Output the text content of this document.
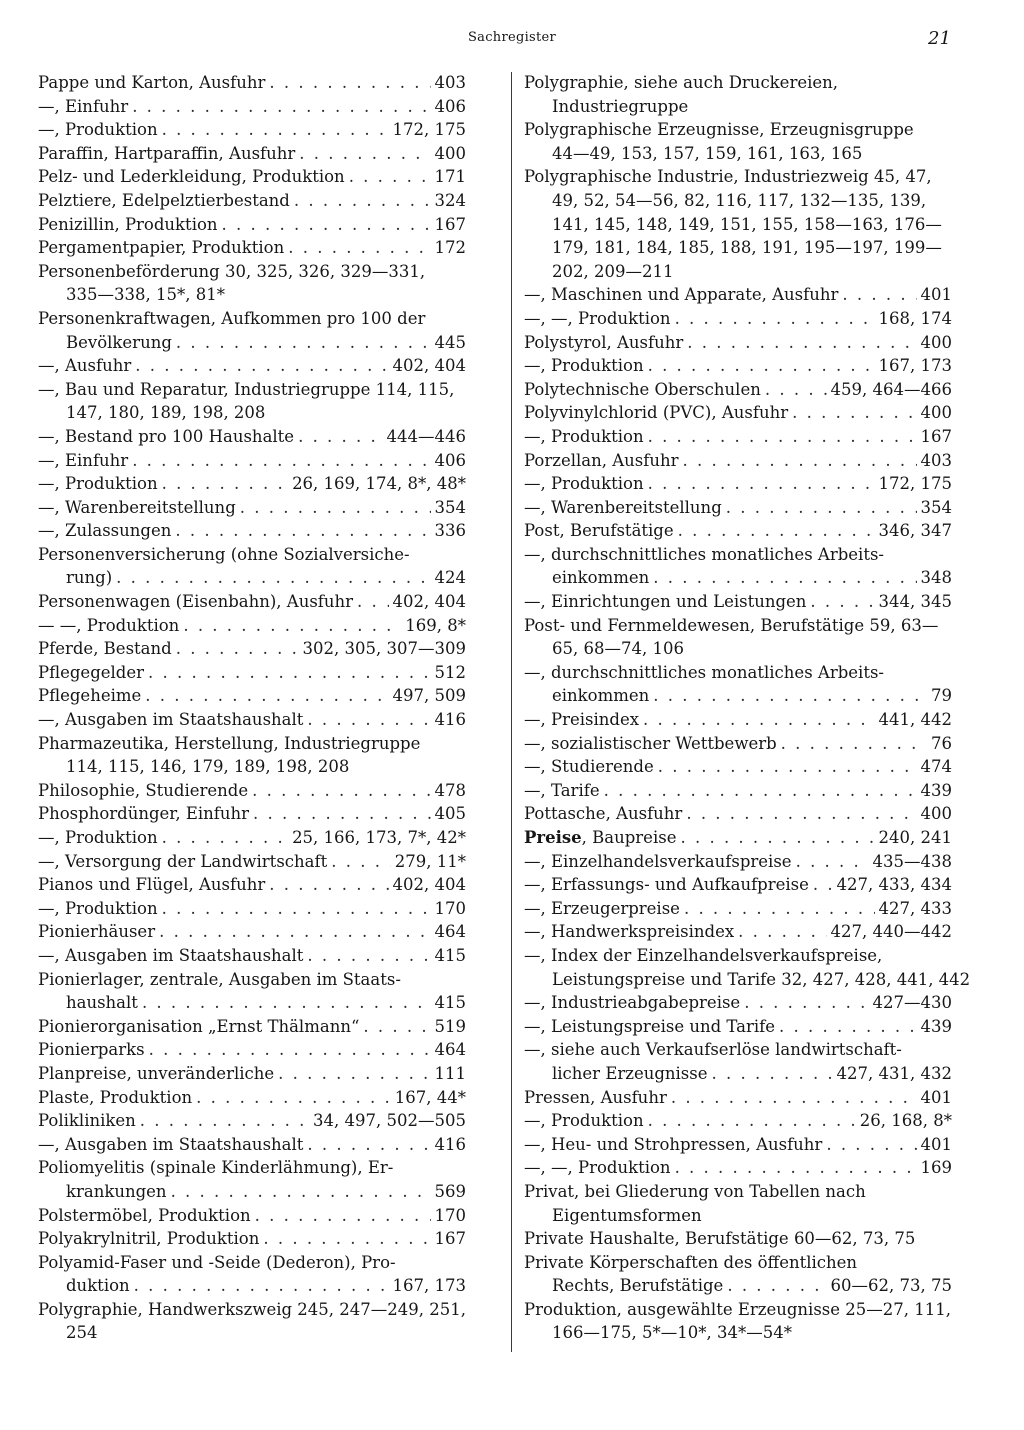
Sachregister	21
Pappe und Karton, Ausfuhr . . .	403
—, Einfuhr . . .	406
—, Produktion . . .	172, 175
Paraffin, Hartparaffin, Ausfuhr . . .	400
Pelz- und Lederkleidung, Produktion . . .	171
Pelztiere, Edelpelztierbestand . . .	324
Penizillin, Produktion . . .	167
Pergamentpapier, Produktion . . .	172
Personenbeförderung 30, 325, 326, 329—331,
335—338, 15*, 81*
Personenkraftwagen, Aufkommen pro 100 der
Bevölkerung . . .	445
—, Ausfuhr . . .	402, 404
—, Bau und Reparatur, Industriegruppe 114, 115,
147, 180, 189, 198, 208
—, Bestand pro 100 Haushalte . . .	444—446
—, Einfuhr . . .	406
—, Produktion . . .	26, 169, 174, 8*, 48*
—, Warenbereitstellung . . .	354
—, Zulassungen . . .	336
Personenversicherung (ohne Sozialversiche-
rung) . . .	424
Personenwagen (Eisenbahn), Ausfuhr . . . 402, 404
— —, Produktion . . .	169, 8*
Pferde, Bestand . . .	302, 305, 307—309
Pflegegelder . . .	512
Pflegeheime . . .	497, 509
—, Ausgaben im Staatshaushalt . . .	416
Pharmazeutika, Herstellung, Industriegruppe
114, 115, 146, 179, 189, 198, 208
Philosophie, Studierende . . .	478
Phosphordünger, Einfuhr . . .	405
—, Produktion . . .	25, 166, 173, 7*, 42*
—, Versorgung der Landwirtschaft . . .	279, 11*
Pianos und Flügel, Ausfuhr . . .	402, 404
—, Produktion . . .	170
Pionierhäuser . . .	464
—, Ausgaben im Staatshaushalt . . .	415
Pionierlager, zentrale, Ausgaben im Staats-
haushalt . . .	415
Pionierorganisation „Ernst Thälmann“ . . .	519
Pionierparks . . .	464
Planpreise, unveränderliche . . .	111
Plaste, Produktion . . .	167, 44*
Polikliniken . . .	34, 497, 502—505
—, Ausgaben im Staatshaushalt . . .	416
Poliomyelitis (spinale Kinderlähmung), Er-
krankungen . . .	569
Polstermöbel, Produktion . . .	170
Polyakrylnitril, Produktion . . .	167
Polyamid-Faser und -Seide (Dederon), Pro-
duktion . . .	167, 173
Polygraphie, Handwerkszweig 245, 247—249, 251,
254
Polygraphie, siehe auch Druckereien,
Industriegruppe
Polygraphische Erzeugnisse, Erzeugnisgruppe
44—49, 153, 157, 159, 161, 163, 165
Polygraphische Industrie, Industriezweig 45, 47,
49, 52, 54—56, 82, 116, 117, 132—135, 139,
141, 145, 148, 149, 151, 155, 158—163, 176—
179, 181, 184, 185, 188, 191, 195—197, 199—
202, 209—211
—, Maschinen und Apparate, Ausfuhr . . .	401
—, —, Produktion . . .	168, 174
Polystyrol, Ausfuhr . . .	400
—, Produktion . . .	167, 173
Polytechnische Oberschulen . . .	459, 464—466
Polyvinylchlorid (PVC), Ausfuhr . . .	400
—, Produktion . . .	167
Porzellan, Ausfuhr . . .	403
—, Produktion . . .	172, 175
—, Warenbereitstellung . . .	354
Post, Berufstätige . . .	346, 347
—, durchschnittliches monatliches Arbeits-
einkommen . . .	348
—, Einrichtungen und Leistungen . . .	344, 345
Post- und Fernmeldewesen, Berufstätige 59, 63—
65, 68—74, 106
—, durchschnittliches monatliches Arbeits-
einkommen . . .	79
—, Preisindex . . .	441, 442
—, sozialistischer Wettbewerb . . .	76
—, Studierende . . .	474
—, Tarife . . .	439
Pottasche, Ausfuhr . . .	400
Preise, Baupreise . . .	240, 241
—, Einzelhandelsverkaufspreise . . .	435—438
—, Erfassungs- und Aufkaufpreise . . . 427, 433, 434
—, Erzeugerpreise . . .	427, 433
—, Handwerkspreisindex . . .	427, 440—442
—, Index der Einzelhandelsverkaufspreise,
Leistungspreise und Tarife 32, 427, 428, 441, 442
—, Industrieabgabepreise . . .	427—430
—, Leistungspreise und Tarife . . .	439
—, siehe auch Verkaufserlöse landwirtschaft-
licher Erzeugnisse . . .	427, 431, 432
Pressen, Ausfuhr . . .	401
—, Produktion . . .	26, 168, 8*
—, Heu- und Strohpressen, Ausfuhr . . .	401
—, —, Produktion . . .	169
Privat, bei Gliederung von Tabellen nach
Eigentumsformen
Private Haushalte, Berufstätige 60—62, 73, 75
Private Körperschaften des öffentlichen
Rechts, Berufstätige . . .	60—62, 73, 75
Produktion, ausgewählte Erzeugnisse 25—27, 111,
166—175, 5*—10*, 34*—54*
